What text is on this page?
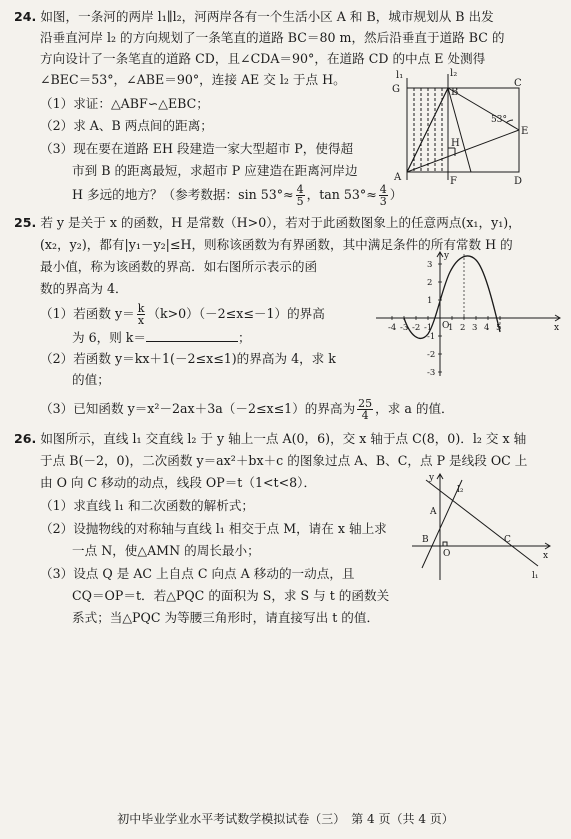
24. 如图，一条河的两岸 l₁∥l₂，河两岸各有一个生活小区 A 和 B，城市规划从 B 出发
沿垂直河岸 l₂ 的方向规划了一条笔直的道路 BC＝80 m，然后沿垂直于道路 BC 的
方向设计了一条笔直的道路 CD，且∠CDA＝90°，在道路 CD 的中点 E 处测得
∠BEC＝53°，∠ABE＝90°，连接 AE 交 l₂ 于点 H。
（1）求证：△ABF∽△EBC；
（2）求 A、B 两点间的距离；
（3）现在要在道路 EH 段建造一家大型超市 P，使得超
市到 B 的距离最短，求超市 P 应建造在距离河岸边
H 多远的地方？（参考数据：$\sin 53^\circ\approx \frac{4}{5}$ ，$\tan 53^\circ\approx \frac{4}{3}$ ）
l₁	l₂
G	B
C
E
H
A	F	D
53°
25. 若 y 是关于 x 的函数，H 是常数（H>0），若对于此函数图象上的任意两点(x₁，y₁)，
(x₂，y₂)，都有|y₁－y₂|≤H，则称该函数为有界函数，其中满足条件的所有常数 H 的
最小值，称为该函数的界高．如右图所示表示的函
数的界高为 4．
（1）若函数 $y= \frac{k}{x} (k>0)(-2\le x\le-1)$的界高
为 6，则 k＝	；
（2）若函数 y＝kx＋1(－2≤x≤1)的界高为 4，求 k
的值；
（3）已知函数 y＝x²－2ax＋3a（－2≤x≤1）的界高为 $\frac{25}{4}$ ，求 a 的值．
y
x
O
-4 -3 -2 -1 1 2 3 4 5
3
2
1
-1
-2
-3
26. 如图所示，直线 l₁ 交直线 l₂ 于 y 轴上一点 A(0，6)，交 x 轴于点 C(8，0)．l₂ 交 x 轴
于点 B(－2，0)，二次函数 y＝ax²＋bx＋c 的图象过点 A、B、C，点 P 是线段 OC 上
由 O 向 C 移动的动点，线段 OP＝t（1<t<8）．
（1）求直线 l₁ 和二次函数的解析式；
（2）设抛物线的对称轴与直线 l₁ 相交于点 M，请在 x 轴上求
一点 N，使△AMN 的周长最小；
（3）设点 Q 是 AC 上自点 C 向点 A 移动的一动点，且
CQ＝OP＝t．若△PQC 的面积为 S，求 S 与 t 的函数关
系式；当△PQC 为等腰三角形时，请直接写出 t 的值．
y
x
l₂
l₁
A
B
O
C
初中毕业学业水平考试数学模拟试卷（三）　第 4 页（共 4 页）
